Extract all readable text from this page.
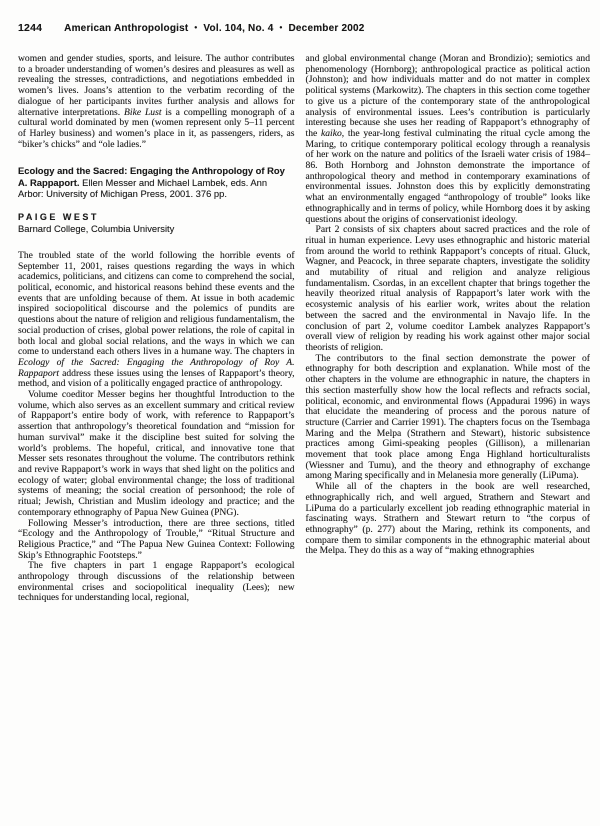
1244 American Anthropologist • Vol. 104, No. 4 • December 2002

women and gender studies, sports, and leisure. The author contributes to a broader understanding of women’s desires and pleasures as well as revealing the stresses, contradictions, and negotiations embedded in women’s lives. Joans’s attention to the verbatim recording of the dialogue of her participants invites further analysis and allows for alternative interpretations. Bike Lust is a compelling monograph of a cultural world dominated by men (women represent only 5–11 percent of Harley business) and women’s place in it, as passengers, riders, as “biker’s chicks” and “ole ladies.”

Ecology and the Sacred: Engaging the Anthropology of Roy A. Rappaport. Ellen Messer and Michael Lambek, eds. Ann Arbor: University of Michigan Press, 2001. 376 pp.

PAIGE WEST
Barnard College, Columbia University

The troubled state of the world following the horrible events of September 11, 2001, raises questions regarding the ways in which academics, politicians, and citizens can come to comprehend the social, political, economic, and historical reasons behind these events and the events that are unfolding because of them. At issue in both academic inspired sociopolitical discourse and the polemics of pundits are questions about the nature of religion and religious fundamentalism, the social production of crises, global power relations, the role of capital in both local and global social relations, and the ways in which we can come to understand each others lives in a humane way. The chapters in Ecology of the Sacred: Engaging the Anthropology of Roy A. Rappaport address these issues using the lenses of Rappaport’s theory, method, and vision of a politically engaged practice of anthropology.

Volume coeditor Messer begins her thoughtful Introduction to the volume, which also serves as an excellent summary and critical review of Rappaport’s entire body of work, with reference to Rappaport’s assertion that anthropology’s theoretical foundation and “mission for human survival” make it the discipline best suited for solving the world’s problems. The hopeful, critical, and innovative tone that Messer sets resonates throughout the volume. The contributors rethink and revive Rappaport’s work in ways that shed light on the politics and ecology of water; global environmental change; the loss of traditional systems of meaning; the social creation of personhood; the role of ritual; Jewish, Christian and Muslim ideology and practice; and the contemporary ethnography of Papua New Guinea (PNG).

Following Messer’s introduction, there are three sections, titled “Ecology and the Anthropology of Trouble,” “Ritual Structure and Religious Practice,” and “The Papua New Guinea Context: Following Skip’s Ethnographic Footsteps.”

The five chapters in part 1 engage Rappaport’s ecological anthropology through discussions of the relationship between environmental crises and sociopolitical inequality (Lees); new techniques for understanding local, regional,

and global environmental change (Moran and Brondizio); semiotics and phenomenology (Hornborg); anthropological practice as political action (Johnston); and how individuals matter and do not matter in complex political systems (Markowitz). The chapters in this section come together to give us a picture of the contemporary state of the anthropological analysis of environmental issues. Lees’s contribution is particularly interesting because she uses her reading of Rappaport’s ethnography of the kaiko, the year-long festival culminating the ritual cycle among the Maring, to critique contemporary political ecology through a reanalysis of her work on the nature and politics of the Israeli water crisis of 1984–86. Both Hornborg and Johnston demonstrate the importance of anthropological theory and method in contemporary examinations of environmental issues. Johnston does this by explicitly demonstrating what an environmentally engaged “anthropology of trouble” looks like ethnographically and in terms of policy, while Hornborg does it by asking questions about the origins of conservationist ideology.

Part 2 consists of six chapters about sacred practices and the role of ritual in human experience. Levy uses ethnographic and historic material from around the world to rethink Rappaport’s concepts of ritual. Gluck, Wagner, and Peacock, in three separate chapters, investigate the solidity and mutability of ritual and religion and analyze religious fundamentalism. Csordas, in an excellent chapter that brings together the heavily theorized ritual analysis of Rappaport’s later work with the ecosystemic analysis of his earlier work, writes about the relation between the sacred and the environmental in Navajo life. In the conclusion of part 2, volume coeditor Lambek analyzes Rappaport’s overall view of religion by reading his work against other major social theorists of religion.

The contributors to the final section demonstrate the power of ethnography for both description and explanation. While most of the other chapters in the volume are ethnographic in nature, the chapters in this section masterfully show how the local reflects and refracts social, political, economic, and environmental flows (Appadurai 1996) in ways that elucidate the meandering of process and the porous nature of structure (Carrier and Carrier 1991). The chapters focus on the Tsembaga Maring and the Melpa (Strathern and Stewart), historic subsistence practices among Gimi-speaking peoples (Gillison), a millenarian movement that took place among Enga Highland horticulturalists (Wiessner and Tumu), and the theory and ethnography of exchange among Maring specifically and in Melanesia more generally (LiPuma).

While all of the chapters in the book are well researched, ethnographically rich, and well argued, Strathern and Stewart and LiPuma do a particularly excellent job reading ethnographic material in fascinating ways. Strathern and Stewart return to “the corpus of ethnography” (p. 277) about the Maring, rethink its components, and compare them to similar components in the ethnographic material about the Melpa. They do this as a way of “making ethnographies
